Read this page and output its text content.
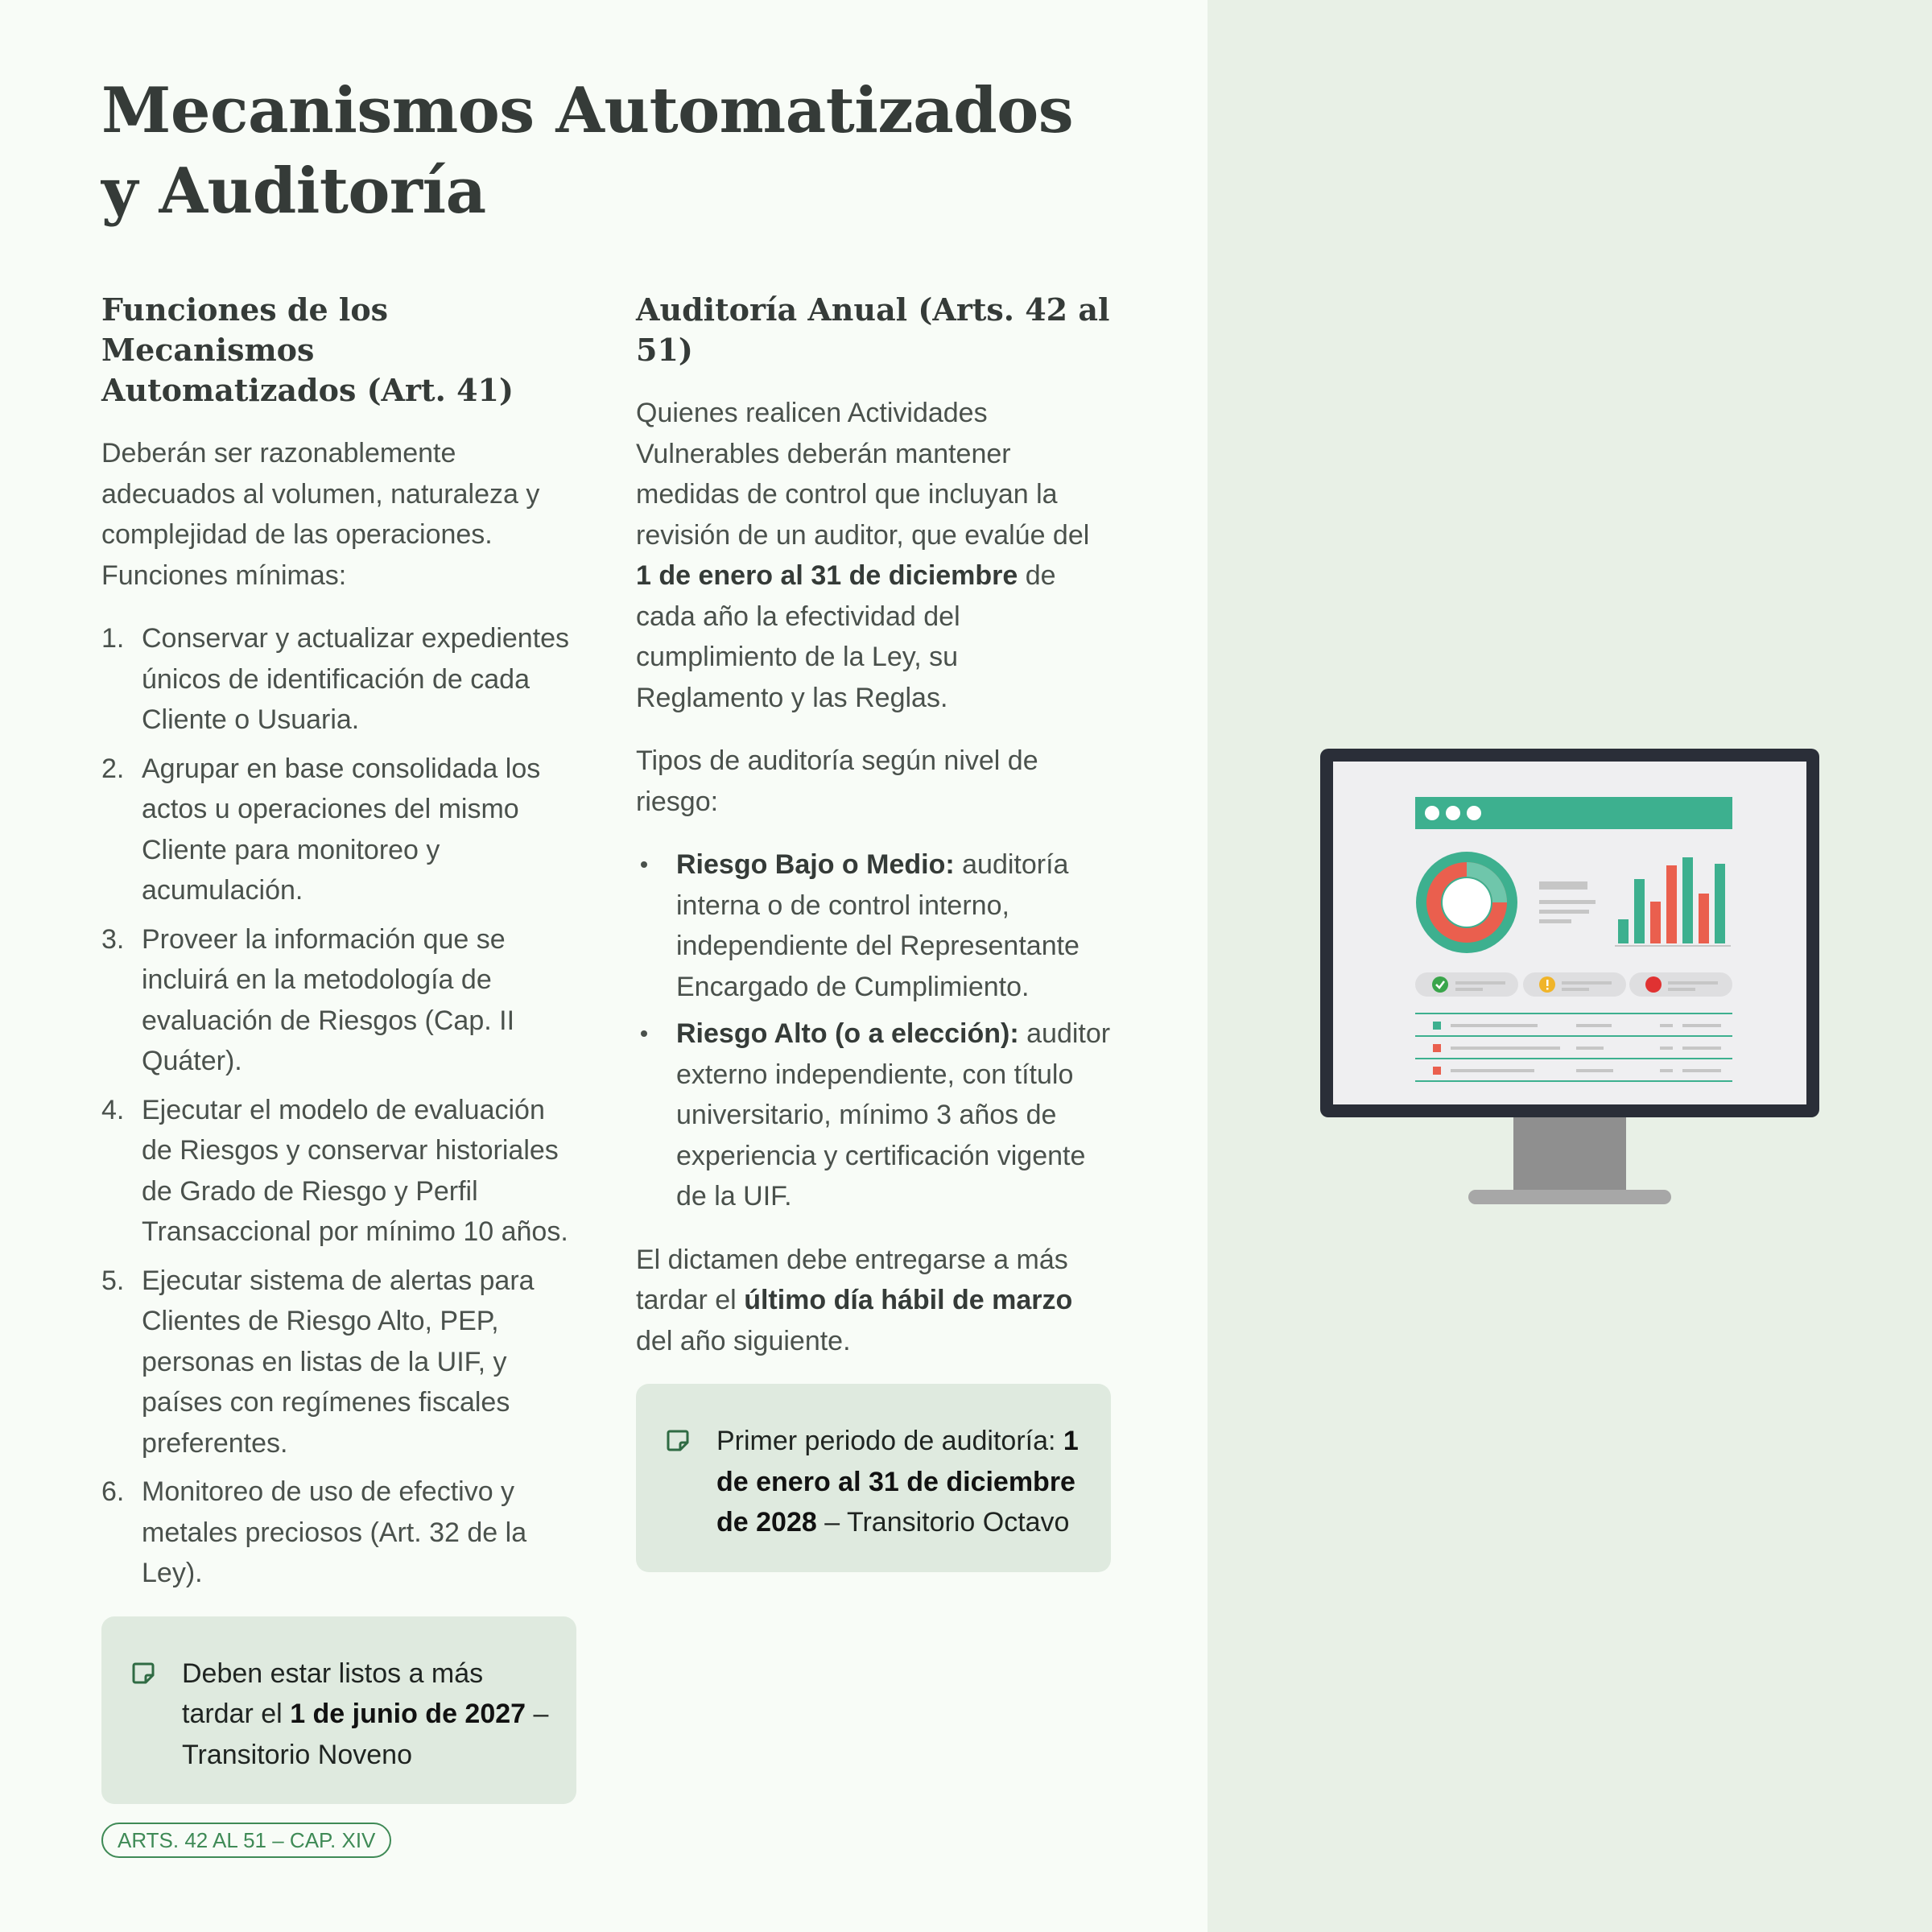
Mecanismos Automatizados y Auditoría
Funciones de los Mecanismos Automatizados (Art. 41)

Deberán ser razonablemente adecuados al volumen, naturaleza y complejidad de las operaciones. Funciones mínimas:

1. Conservar y actualizar expedientes únicos de identificación de cada Cliente o Usuaria.
2. Agrupar en base consolidada los actos u operaciones del mismo Cliente para monitoreo y acumulación.
3. Proveer la información que se incluirá en la metodología de evaluación de Riesgos (Cap. II Quáter).
4. Ejecutar el modelo de evaluación de Riesgos y conservar historiales de Grado de Riesgo y Perfil Transaccional por mínimo 10 años.
5. Ejecutar sistema de alertas para Clientes de Riesgo Alto, PEP, personas en listas de la UIF, y países con regímenes fiscales preferentes.
6. Monitoreo de uso de efectivo y metales preciosos (Art. 32 de la Ley).
Deben estar listos a más tardar el 1 de junio de 2027 – Transitorio Noveno
Auditoría Anual (Arts. 42 al 51)

Quienes realicen Actividades Vulnerables deberán mantener medidas de control que incluyan la revisión de un auditor, que evalúe del 1 de enero al 31 de diciembre de cada año la efectividad del cumplimiento de la Ley, su Reglamento y las Reglas.

Tipos de auditoría según nivel de riesgo:

Riesgo Bajo o Medio: auditoría interna o de control interno, independiente del Representante Encargado de Cumplimiento.
Riesgo Alto (o a elección): auditor externo independiente, con título universitario, mínimo 3 años de experiencia y certificación vigente de la UIF.

El dictamen debe entregarse a más tardar el último día hábil de marzo del año siguiente.

Primer periodo de auditoría: 1 de enero al 31 de diciembre de 2028 – Transitorio Octavo
ARTS. 42 AL 51 – CAP. XIV
